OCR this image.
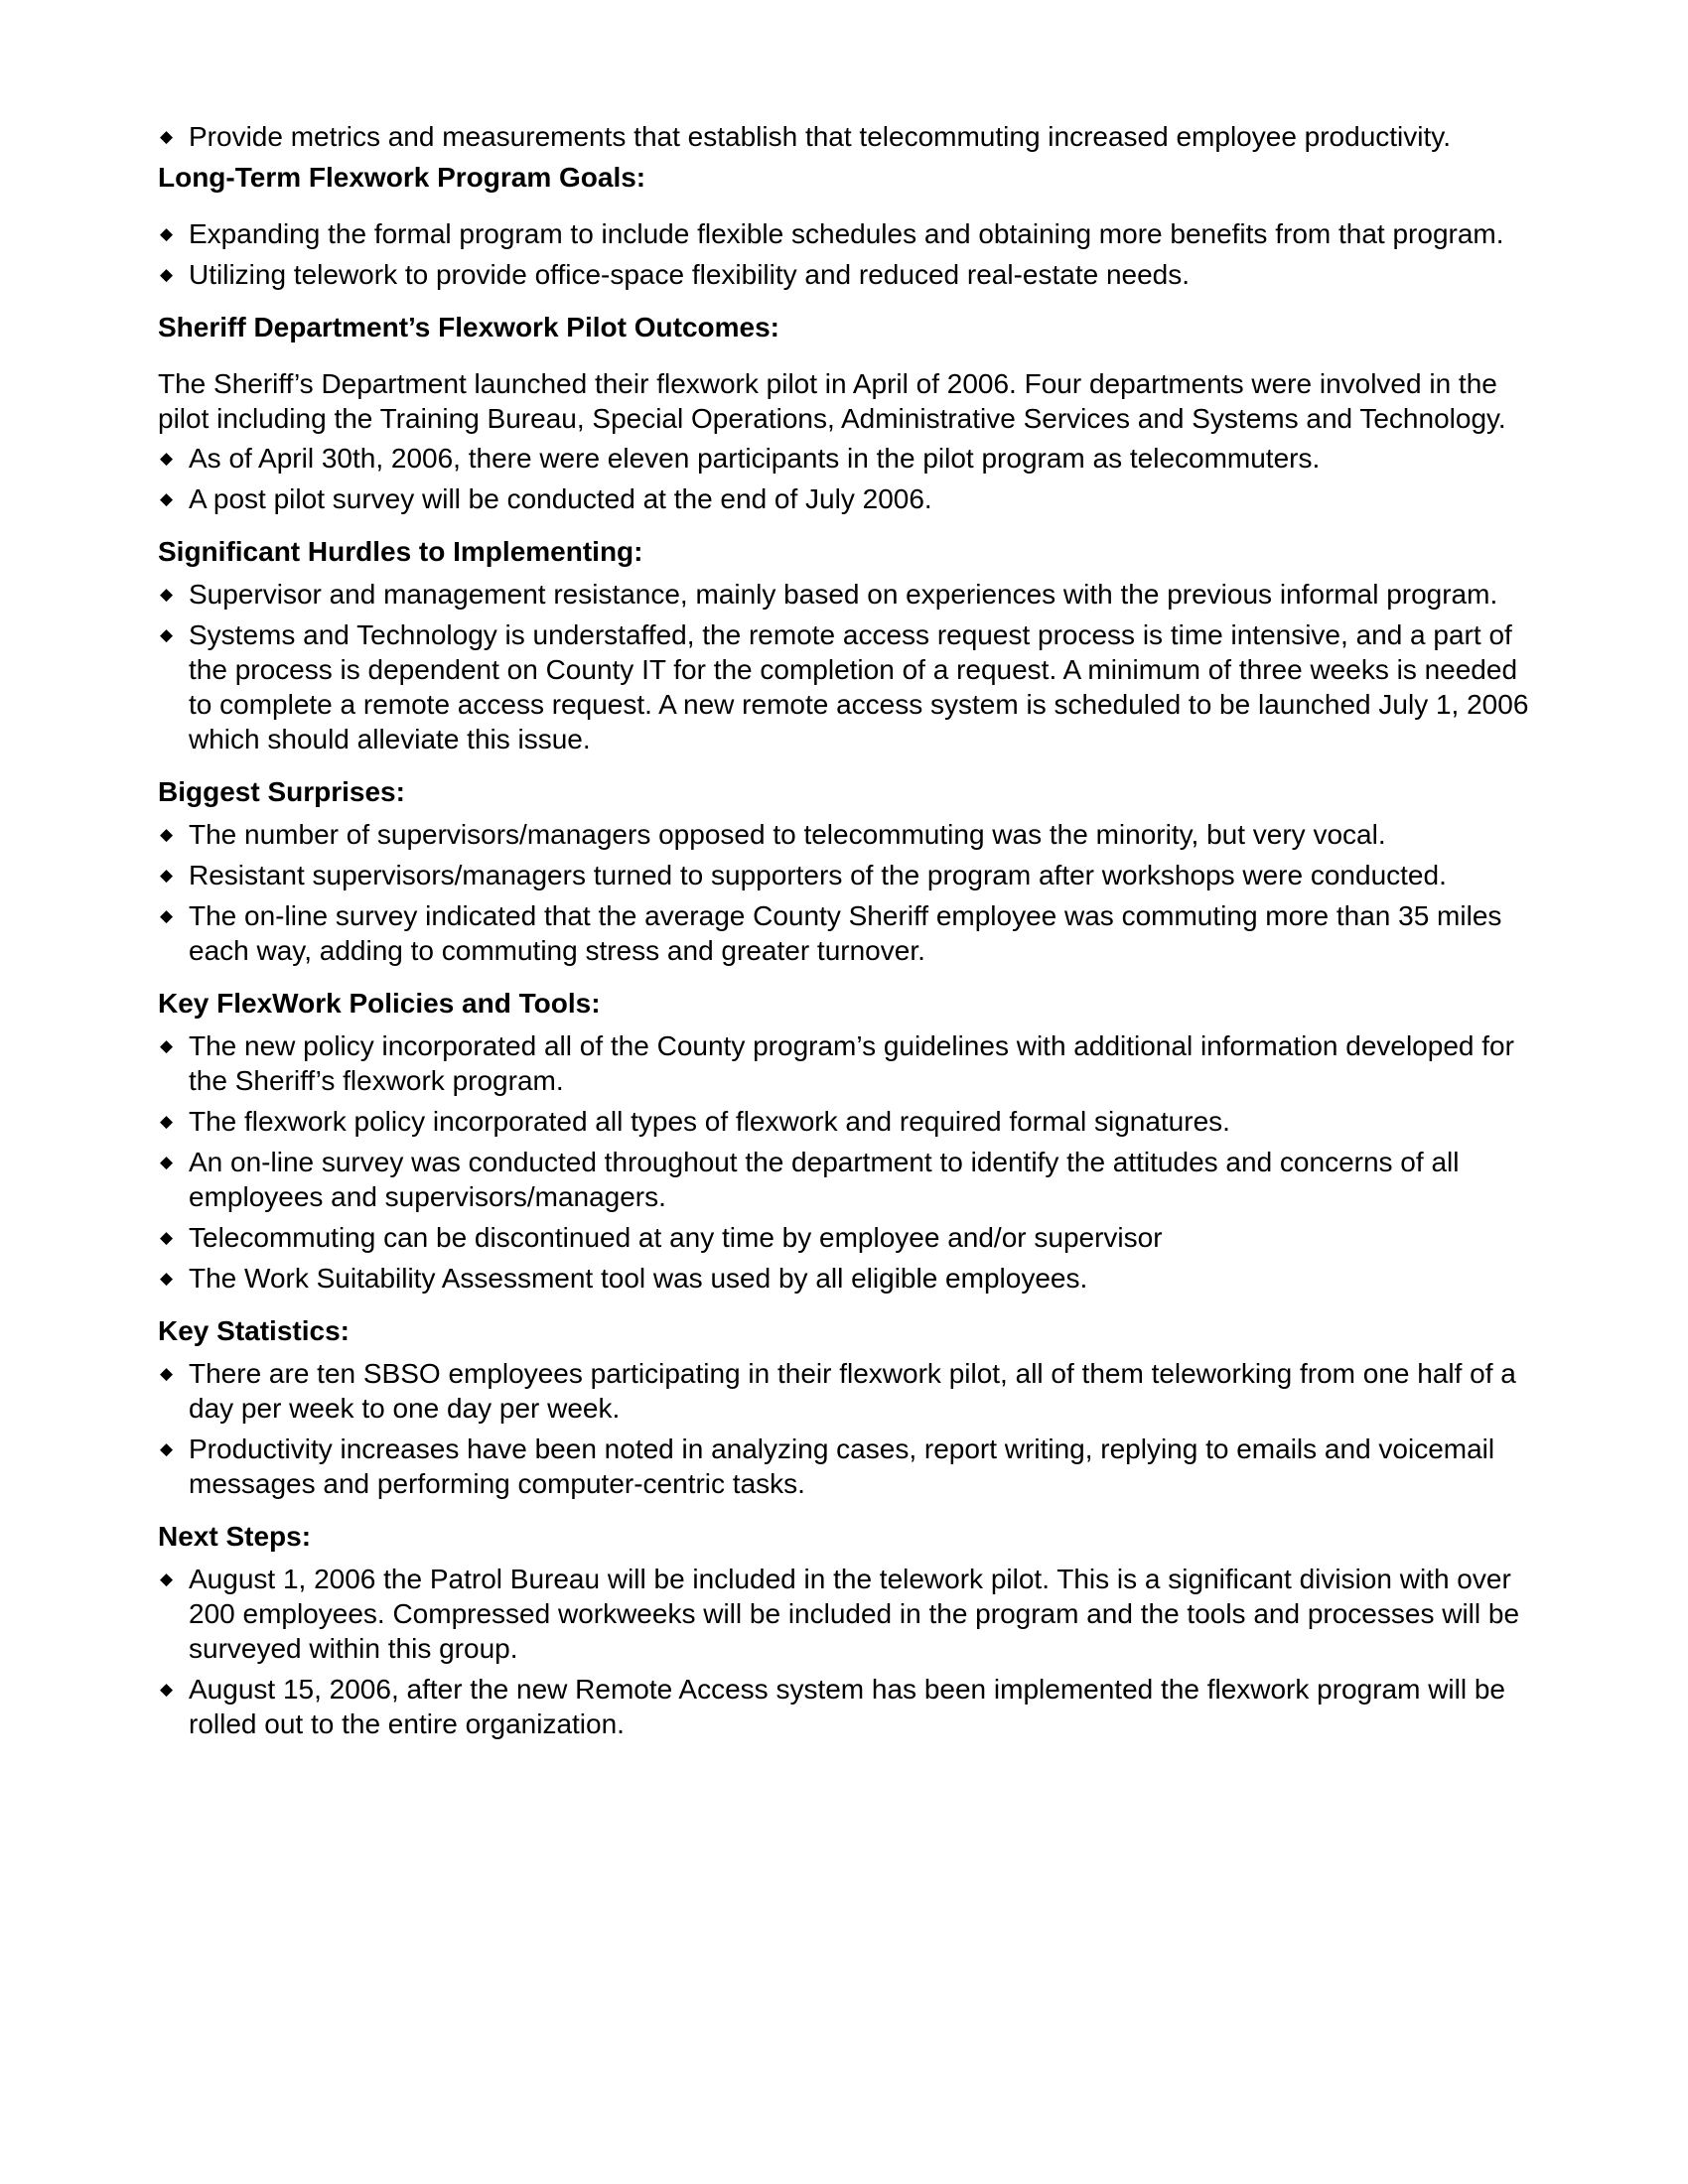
◆ Provide metrics and measurements that establish that telecommuting increased employee productivity.
Long-Term Flexwork Program Goals:
◆ Expanding the formal program to include flexible schedules and obtaining more benefits from that program.
◆ Utilizing telework to provide office-space flexibility and reduced real-estate needs.
Sheriff Department’s Flexwork Pilot Outcomes:
The Sheriff’s Department launched their flexwork pilot in April of 2006. Four departments were involved in the pilot including the Training Bureau, Special Operations, Administrative Services and Systems and Technology.
◆ As of April 30th, 2006, there were eleven participants in the pilot program as telecommuters.
◆ A post pilot survey will be conducted at the end of July 2006.
Significant Hurdles to Implementing:
◆ Supervisor and management resistance, mainly based on experiences with the previous informal program.
◆ Systems and Technology is understaffed, the remote access request process is time intensive, and a part of the process is dependent on County IT for the completion of a request. A minimum of three weeks is needed to complete a remote access request. A new remote access system is scheduled to be launched July 1, 2006 which should alleviate this issue.
Biggest Surprises:
◆ The number of supervisors/managers opposed to telecommuting was the minority, but very vocal.
◆ Resistant supervisors/managers turned to supporters of the program after workshops were conducted.
◆ The on-line survey indicated that the average County Sheriff employee was commuting more than 35 miles each way, adding to commuting stress and greater turnover.
Key FlexWork Policies and Tools:
◆ The new policy incorporated all of the County program’s guidelines with additional information developed for the Sheriff’s flexwork program.
◆ The flexwork policy incorporated all types of flexwork and required formal signatures.
◆ An on-line survey was conducted throughout the department to identify the attitudes and concerns of all employees and supervisors/managers.
◆ Telecommuting can be discontinued at any time by employee and/or supervisor
◆ The Work Suitability Assessment tool was used by all eligible employees.
Key Statistics:
◆ There are ten SBSO employees participating in their flexwork pilot, all of them teleworking from one half of a day per week to one day per week.
◆ Productivity increases have been noted in analyzing cases, report writing, replying to emails and voicemail messages and performing computer-centric tasks.
Next Steps:
◆ August 1, 2006 the Patrol Bureau will be included in the telework pilot. This is a significant division with over 200 employees. Compressed workweeks will be included in the program and the tools and processes will be surveyed within this group.
◆ August 15, 2006, after the new Remote Access system has been implemented the flexwork program will be rolled out to the entire organization.
